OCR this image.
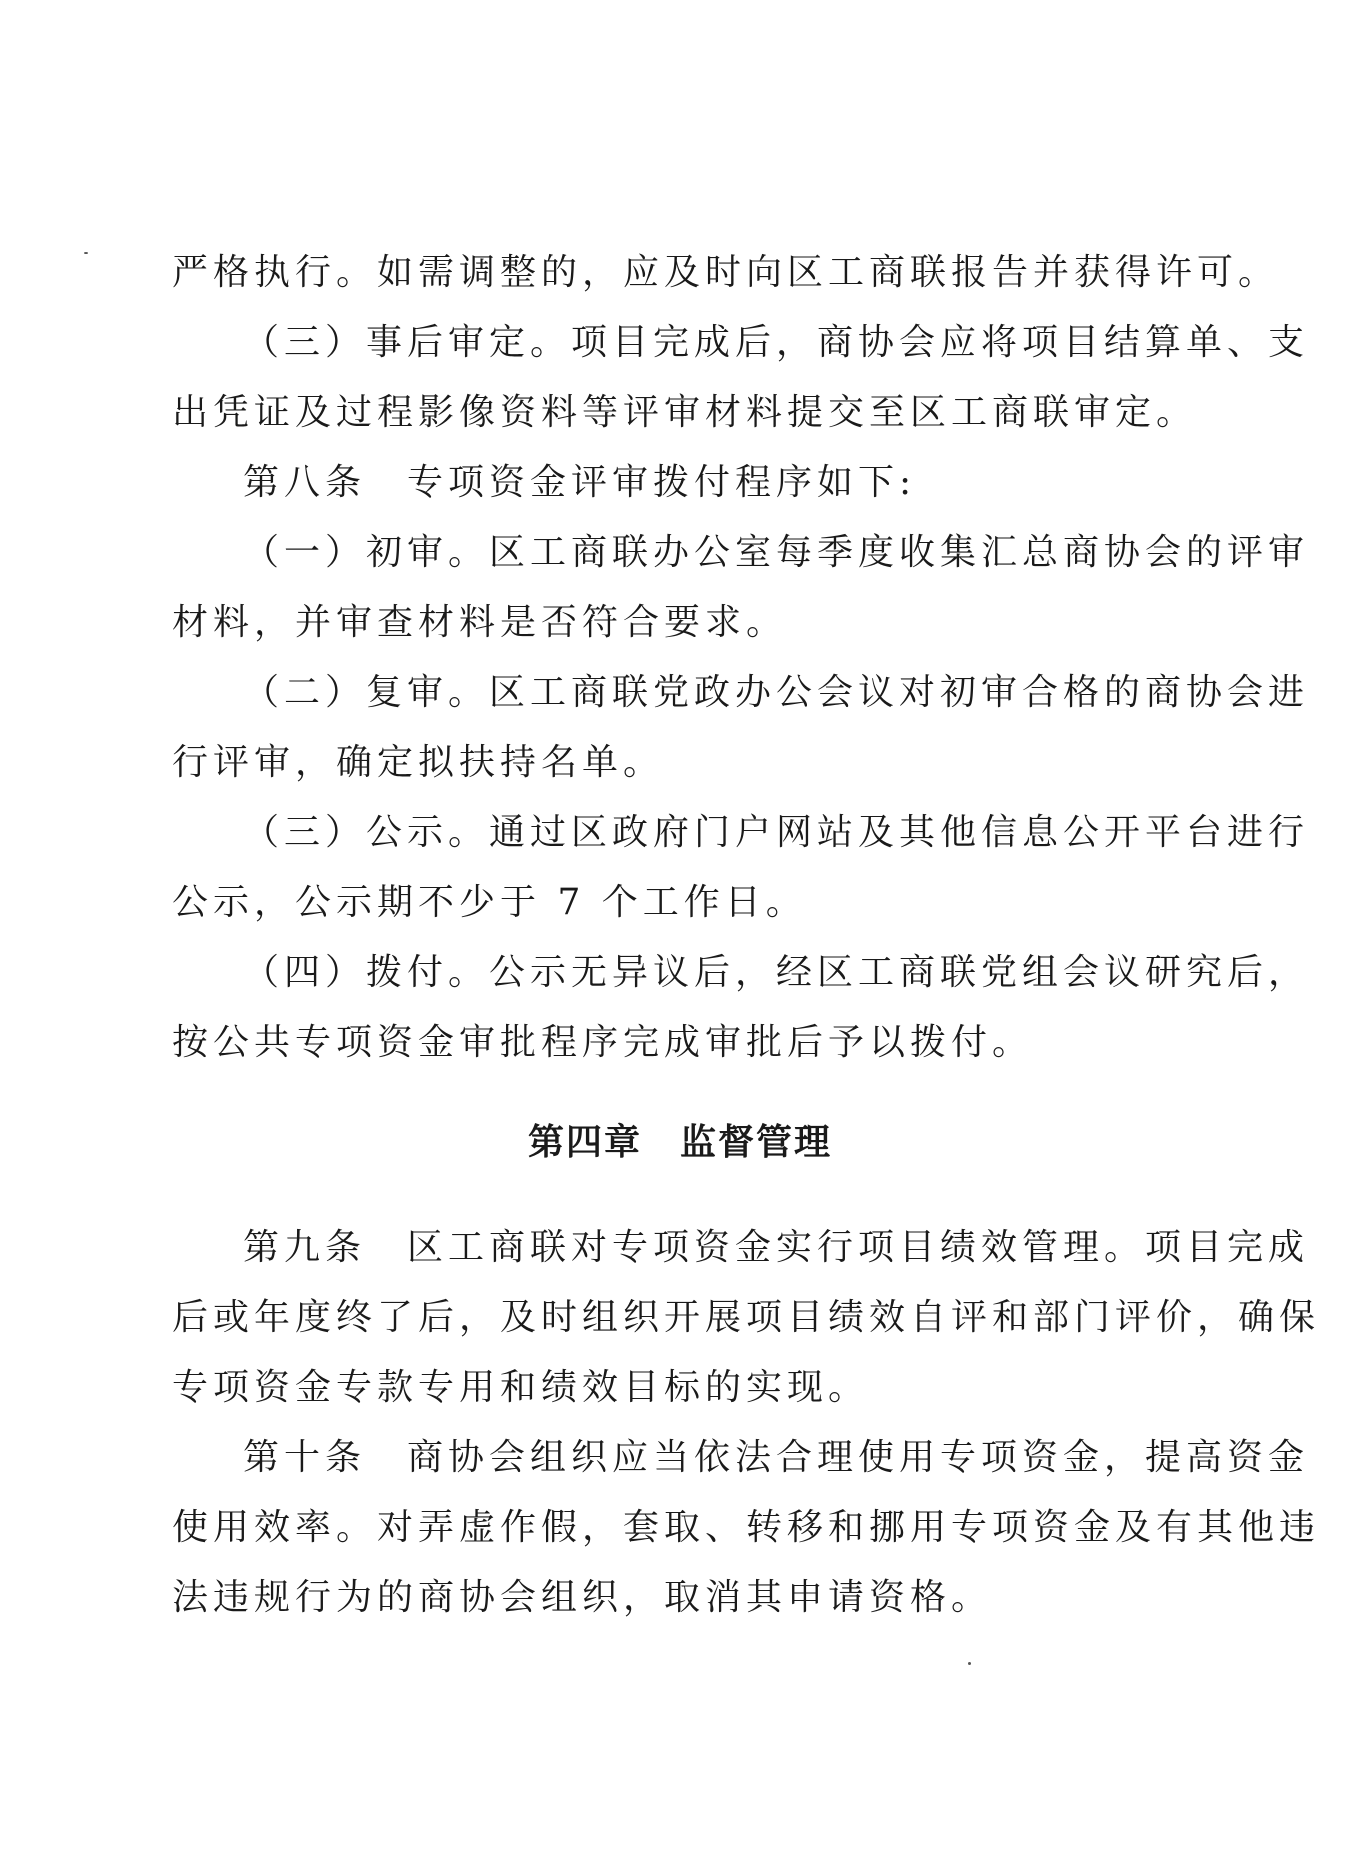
严格执行。如需调整的，应及时向区工商联报告并获得许可。
（三）事后审定。项目完成后，商协会应将项目结算单、支
出凭证及过程影像资料等评审材料提交至区工商联审定。
第八条　专项资金评审拨付程序如下:
（一）初审。区工商联办公室每季度收集汇总商协会的评审
材料，并审查材料是否符合要求。
（二）复审。区工商联党政办公会议对初审合格的商协会进
行评审，确定拟扶持名单。
（三）公示。通过区政府门户网站及其他信息公开平台进行
公示，公示期不少于 7 个工作日。
（四）拨付。公示无异议后，经区工商联党组会议研究后，
按公共专项资金审批程序完成审批后予以拨付。
第四章　监督管理
第九条　区工商联对专项资金实行项目绩效管理。项目完成
后或年度终了后，及时组织开展项目绩效自评和部门评价，确保
专项资金专款专用和绩效目标的实现。
第十条　商协会组织应当依法合理使用专项资金，提高资金
使用效率。对弄虚作假，套取、转移和挪用专项资金及有其他违
法违规行为的商协会组织，取消其申请资格。
